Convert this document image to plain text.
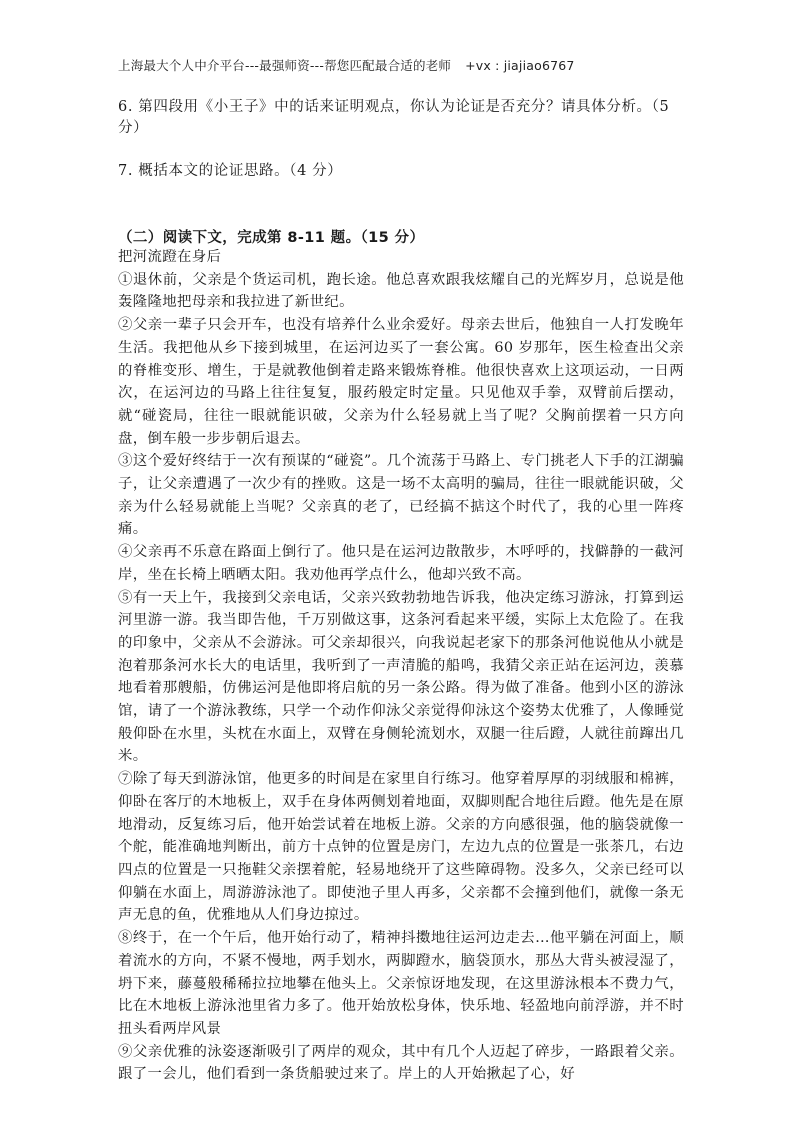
上海最大个人中介平台---最强师资---帮您匹配最合适的老师 +vx : jiajiao6767
6. 第四段用《小王子》中的话来证明观点，你认为论证是否充分？请具体分析。（5 分）
7. 概括本文的论证思路。（4 分）
（二）阅读下文，完成第 8-11 题。（15 分）

把河流蹬在身后

①退休前，父亲是个货运司机，跑长途。他总喜欢跟我炫耀自己的光辉岁月，总说是他轰隆隆地把母亲和我拉进了新世纪。

②父亲一辈子只会开车，也没有培养什么业余爱好。母亲去世后，他独自一人打发晚年生活。我把他从乡下接到城里，在运河边买了一套公寓。60 岁那年，医生检查出父亲的脊椎变形、增生，于是就教他倒着走路来锻炼脊椎。他很快喜欢上这项运动，一日两次，在运河边的马路上往往复复，服药般定时定量。只见他双手拳，双臂前后摆动，就“碰瓷局，往往一眼就能识破，父亲为什么轻易就上当了呢？父胸前摆着一只方向盘，倒车般一步步朝后退去。

③这个爱好终结于一次有预谋的“碰瓷”。几个流荡于马路上、专门挑老人下手的江湖骗子，让父亲遭遇了一次少有的挫败。这是一场不太高明的骗局，往往一眼就能识破，父亲为什么轻易就能上当呢？父亲真的老了，已经搞不掂这个时代了，我的心里一阵疼痛。

④父亲再不乐意在路面上倒行了。他只是在运河边散散步，木呼呼的，找僻静的一截河岸，坐在长椅上晒晒太阳。我劝他再学点什么，他却兴致不高。

⑤有一天上午，我接到父亲电话，父亲兴致勃勃地告诉我，他决定练习游泳，打算到运河里游一游。我当即告他，千万别做这事，这条河看起来平缓，实际上太危险了。在我的印象中，父亲从不会游泳。可父亲却很兴，向我说起老家下的那条河他说他从小就是泡着那条河水长大的电话里，我听到了一声清脆的船鸣，我猜父亲正站在运河边，羡慕地看着那艘船，仿佛运河是他即将启航的另一条公路。得为做了准备。他到小区的游泳馆，请了一个游泳教练，只学一个动作仰泳父亲觉得仰泳这个姿势太优雅了，人像睡觉般仰卧在水里，头枕在水面上，双臂在身侧轮流划水，双腿一往后蹬，人就往前蹿出几米。

⑦除了每天到游泳馆，他更多的时间是在家里自行练习。他穿着厚厚的羽绒服和棉裤，仰卧在客厅的木地板上，双手在身体两侧划着地面，双脚则配合地往后蹬。他先是在原地滑动，反复练习后，他开始尝试着在地板上游。父亲的方向感很强，他的脑袋就像一个舵，能准确地判断出，前方十点钟的位置是房门，左边九点的位置是一张茶几，右边四点的位置是一只拖鞋父亲摆着舵，轻易地绕开了这些障碍物。没多久，父亲已经可以仰躺在水面上，周游游泳池了。即使池子里人再多，父亲都不会撞到他们，就像一条无声无息的鱼，优雅地从人们身边掠过。

⑧终于，在一个午后，他开始行动了，精神抖擞地往运河边走去…他平躺在河面上，顺着流水的方向，不紧不慢地，两手划水，两脚蹬水，脑袋顶水，那丛大背头被浸湿了，坍下来，藤蔓般稀稀拉拉地攀在他头上。父亲惊讶地发现，在这里游泳根本不费力气，比在木地板上游泳池里省力多了。他开始放松身体，快乐地、轻盈地向前浮游，并不时扭头看两岸风景

⑨父亲优雅的泳姿逐渐吸引了两岸的观众，其中有几个人迈起了碎步，一路跟着父亲。跟了一会儿，他们看到一条货船驶过来了。岸上的人开始揪起了心，好
